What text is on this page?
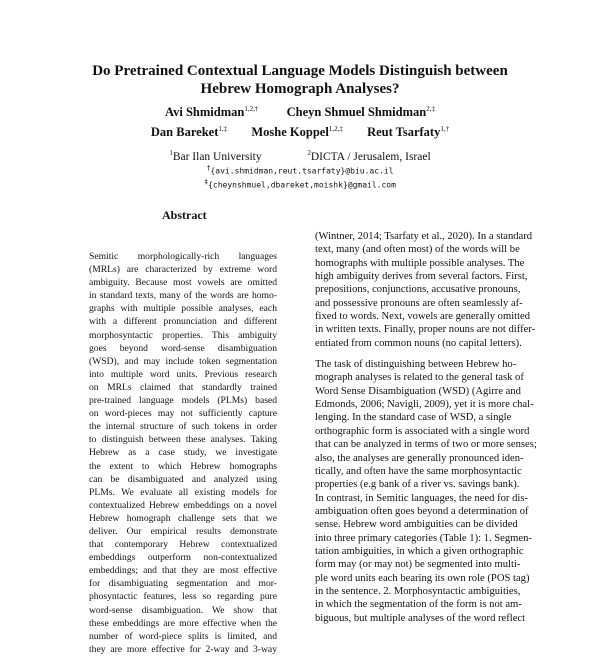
Do Pretrained Contextual Language Models Distinguish between
Hebrew Homograph Analyses?
Avi Shmidman$^{1,2,\dagger}$ Cheyn Shmuel Shmidman$^{2,\ddagger}$
Dan Bareket$^{1,\ddagger}$ Moshe Koppel$^{1,2,\ddagger}$ Reut Tsarfaty$^{1,\dagger}$
$^1$Bar Ilan University	$^2$DICTA / Jerusalem, Israel
†{avi.shmidman,reut.tsarfaty}@biu.ac.il
‡{cheynshmuel,dbareket,moishk}@gmail.com
Abstract
Semitic morphologically-rich languages
(MRLs) are characterized by extreme word
ambiguity. Because most vowels are omitted
in standard texts, many of the words are homo-
graphs with multiple possible analyses, each
with a different pronunciation and different
morphosyntactic properties. This ambiguity
goes beyond word-sense disambiguation
(WSD), and may include token segmentation
into multiple word units. Previous research
on MRLs claimed that standardly trained
pre-trained language models (PLMs) based
on word-pieces may not sufficiently capture
the internal structure of such tokens in order
to distinguish between these analyses. Taking
Hebrew as a case study, we investigate
the extent to which Hebrew homographs
can be disambiguated and analyzed using
PLMs. We evaluate all existing models for
contextualized Hebrew embeddings on a novel
Hebrew homograph challenge sets that we
deliver. Our empirical results demonstrate
that contemporary Hebrew contextualized
embeddings outperform non-contextualized
embeddings; and that they are most effective
for disambiguating segmentation and mor-
phosyntactic features, less so regarding pure
word-sense disambiguation. We show that
these embeddings are more effective when the
number of word-piece splits is limited, and
they are more effective for 2-way and 3-way
(Wintner, 2014; Tsarfaty et al., 2020). In a standard
text, many (and often most) of the words will be
homographs with multiple possible analyses. The
high ambiguity derives from several factors. First,
prepositions, conjunctions, accusative pronouns,
and possessive pronouns are often seamlessly af-
fixed to words. Next, vowels are generally omitted
in written texts. Finally, proper nouns are not differ-
entiated from common nouns (no capital letters).
The task of distinguishing between Hebrew ho-
mograph analyses is related to the general task of
Word Sense Disambiguation (WSD) (Agirre and
Edmonds, 2006; Navigli, 2009), yet it is more chal-
lenging. In the standard case of WSD, a single
orthographic form is associated with a single word
that can be analyzed in terms of two or more senses;
also, the analyses are generally pronounced iden-
tically, and often have the same morphosyntactic
properties (e.g bank of a river vs. savings bank).
In contrast, in Semitic languages, the need for dis-
ambiguation often goes beyond a determination of
sense. Hebrew word ambiguities can be divided
into three primary categories (Table 1): 1. Segmen-
tation ambiguities, in which a given orthographic
form may (or may not) be segmented into multi-
ple word units each bearing its own role (POS tag)
in the sentence. 2. Morphosyntactic ambiguities,
in which the segmentation of the form is not am-
biguous, but multiple analyses of the word reflect
